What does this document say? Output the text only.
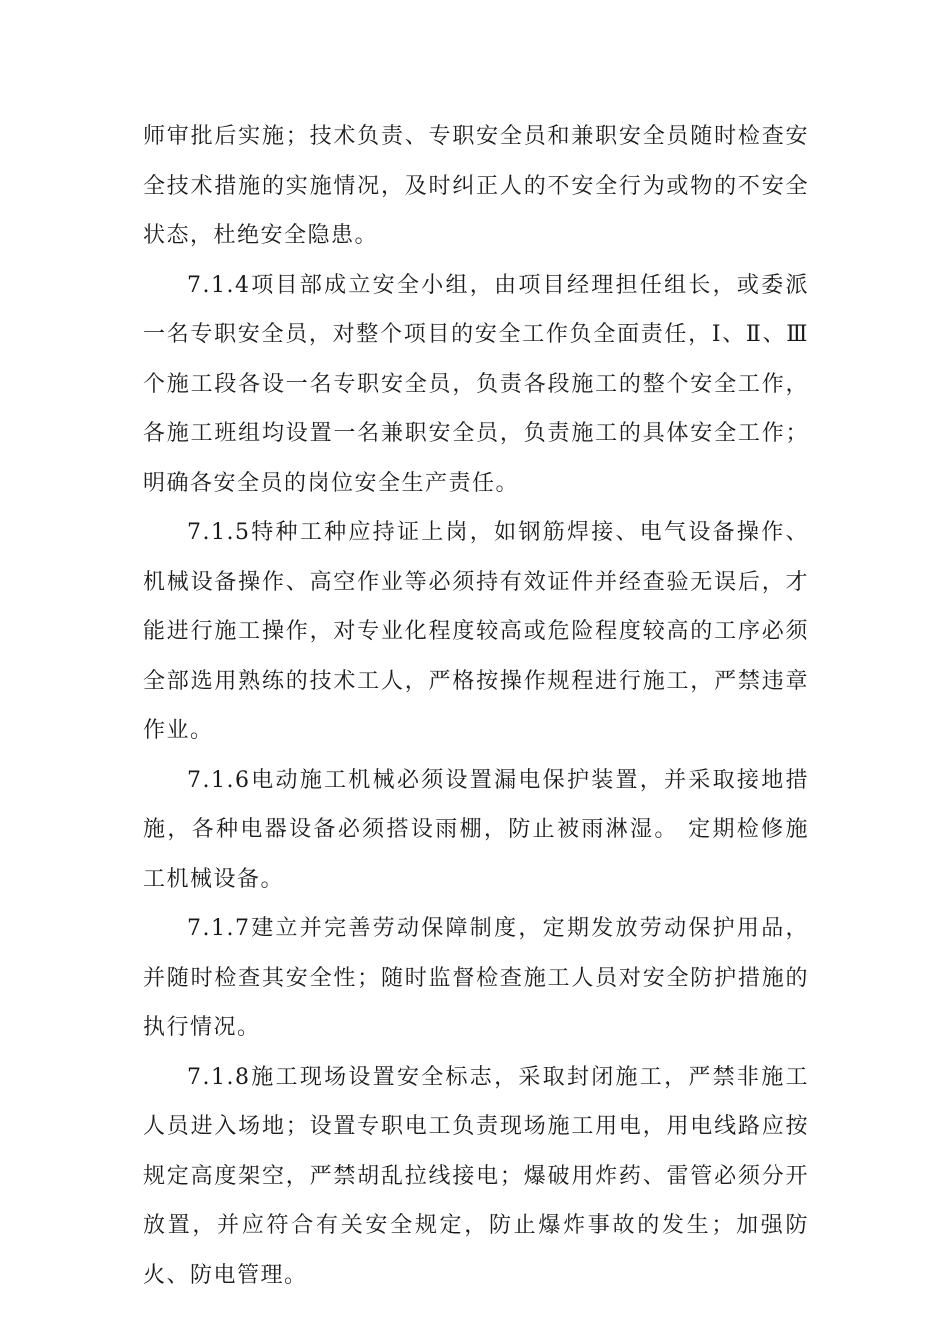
师审批后实施；技术负责、专职安全员和兼职安全员随时检查安全技术措施的实施情况，及时纠正人的不安全行为或物的不安全状态，杜绝安全隐患。

7.1.4项目部成立安全小组，由项目经理担任组长，或委派一名专职安全员，对整个项目的安全工作负全面责任，Ⅰ、Ⅱ、Ⅲ个施工段各设一名专职安全员，负责各段施工的整个安全工作，各施工班组均设置一名兼职安全员，负责施工的具体安全工作；明确各安全员的岗位安全生产责任。

7.1.5特种工种应持证上岗，如钢筋焊接、电气设备操作、机械设备操作、高空作业等必须持有效证件并经查验无误后，才能进行施工操作，对专业化程度较高或危险程度较高的工序必须全部选用熟练的技术工人，严格按操作规程进行施工，严禁违章作业。

7.1.6电动施工机械必须设置漏电保护装置，并采取接地措施，各种电器设备必须搭设雨棚，防止被雨淋湿。 定期检修施工机械设备。

7.1.7建立并完善劳动保障制度，定期发放劳动保护用品，并随时检查其安全性；随时监督检查施工人员对安全防护措施的执行情况。

7.1.8施工现场设置安全标志，采取封闭施工，严禁非施工人员进入场地；设置专职电工负责现场施工用电，用电线路应按规定高度架空，严禁胡乱拉线接电；爆破用炸药、雷管必须分开放置，并应符合有关安全规定，防止爆炸事故的发生；加强防火、防电管理。
